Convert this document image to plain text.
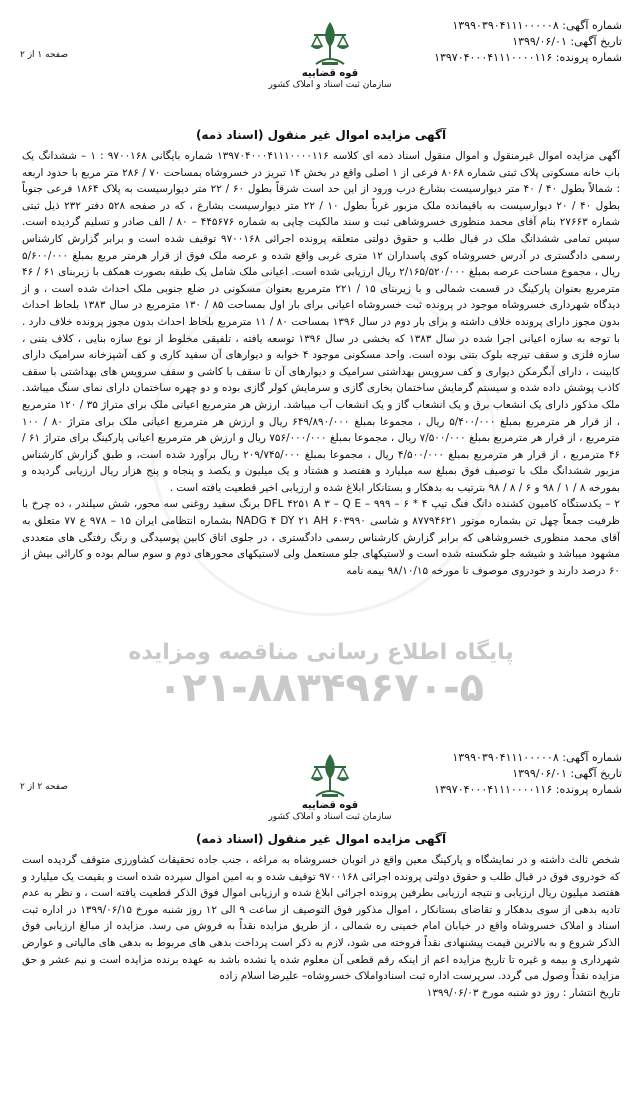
شماره آگهی: ۱۳۹۹۰۳۹۰۴۱۱۱۰۰۰۰۰۸
تاریخ آگهی: ۱۳۹۹/۰۶/۰۱
شماره پرونده: ۱۳۹۷۰۴۰۰۰۴۱۱۱۰۰۰۰۱۱۶
قوه قضاییه
سازمان ثبت اسناد و املاک کشور
صفحه ۱ از ۲
آگهی مزایده اموال غیر منقول (اسناد ذمه)

آگهی مزایده اموال غیرمنقول و اموال منقول اسناد ذمه ای کلاسه ۱۳۹۷۰۴۰۰۰۴۱۱۱۰۰۰۰۱۱۶ شماره بایگانی ۹۷۰۰۱۶۸ : ۱ – ششدانگ یک باب خانه مسکونی پلاک ثبتی شماره ۸۰۶۸ فرعی از ۱ اصلی واقع در بخش ۱۴ تبریز در خسروشاه بمساحت ۷۰ / ۲۸۶ متر مربع با حدود اربعه : شمالاً بطول ۴۰ / ۴۰ متر دیوارسیست بشارع درب ورود از این حد است شرقاً بطول ۶۰ / ۲۲ متر دیوارسیست به پلاک ۱۸۶۴ فرعی جنوباً بطول ۴۰ / ۲۰ دیوارسیست به باقیمانده ملک مزبور غرباً بطول ۱۰ / ۲۲ متر دیوارسیست بشارع ، که در صفحه ۵۲۸ دفتر ۲۳۲ ذیل ثبتی شماره ۲۷۶۶۳ بنام آقای محمد منظوری خسروشاهی ثبت و سند مالکیت چاپی به شماره ۴۴۵۶۷۶ – ۸۰ / الف صادر و تسلیم گردیده است. سپس تمامی ششدانگ ملک در قبال طلب و حقوق دولتی متعلقه پرونده اجرائی ۹۷۰۰۱۶۸ توقیف شده است و برابر گزارش کارشناس رسمی دادگستری در آدرس خسروشاه کوی پاسداران ۱۲ متری غربی واقع شده و عرصه ملک فوق از قرار هرمتر مربع بمبلغ ۵/۶۰۰/۰۰۰ ریال ، مجموع مساحت عرصه بمبلغ ۲/۱۶۵/۵۲۰/۰۰۰ ریال ارزیابی شده است. اعیانی ملک شامل یک طبقه بصورت همکف با زیربنای ۶۱ / ۴۶ مترمربع بعنوان پارکینگ در قسمت شمالی و با زیربنای ۱۵ / ۲۲۱ مترمربع بعنوان مسکونی در ضلع جنوبی ملک احداث شده است ، و از دیدگاه شهرداری خسروشاه موجود در پرونده ثبت خسروشاه اعیانی برای بار اول بمساحت ۸۵ / ۱۳۰ مترمربع در سال ۱۳۸۳ بلحاظ احداث بدون مجوز دارای پرونده خلاف داشته و برای بار دوم در سال ۱۳۹۶ بمساحت ۸۰ / ۱۱ مترمربع بلحاظ احداث بدون مجوز پرونده خلاف دارد . با توجه به سازه اعیانی اجرا شده در سال ۱۳۸۳ که بخشی در سال ۱۳۹۶ توسعه یافته ، تلفیقی مخلوط از نوع سازه بنایی ، کلاف بتنی ، سازه فلزی و سقف تیرچه بلوک بتنی بوده است. واحد مسکونی موجود ۴ خوابه و دیوارهای آن سفید کاری و کف آشپزخانه سرامیک دارای کابینت ، دارای آبگرمکن دیواری و کف سرویس بهداشتی سرامیک و دیوارهای آن تا سقف با کاشی و سقف سرویس های بهداشتی با سقف کاذب پوشش داده شده و سیستم گرمایش ساختمان بخاری گازی و سرمایش کولر گازی بوده و دو چهره ساختمان دارای نمای سنگ میباشد. ملک مذکور دارای یک انشعاب برق و یک انشعاب گاز و یک انشعاب آب میباشد. ارزش هر مترمربع اعیانی ملک برای متراژ ۳۵ / ۱۲۰ مترمربع ، از قرار هر مترمربع بمبلغ ۵/۴۰۰/۰۰۰ ریال ، مجموعا بمبلغ ۶۴۹/۸۹۰/۰۰۰ ریال و ارزش هر مترمربع اعیانی ملک برای متراژ ۸۰ / ۱۰۰ مترمربع ، از قرار هر مترمربع بمبلغ ۷/۵۰۰/۰۰۰ ریال ، مجموعا بمبلغ ۷۵۶/۰۰۰/۰۰۰ ریال و ارزش هر مترمربع اعیانی پارکینگ برای متراژ ۶۱ / ۴۶ مترمربع ، از قرار هر مترمربع بمبلغ ۴/۵۰۰/۰۰۰ ریال ، مجموعا بمبلغ ۲۰۹/۷۴۵/۰۰۰ ریال برآورد شده است، و طبق گزارش کارشناس مزبور ششدانگ ملک با توصیف فوق بمبلغ سه میلیارد و هفتصد و هشتاد و یک میلیون و یکصد و پنجاه و پنج هزار ریال ارزیابی گردیده و بمورخه ۸ / ۱ / ۹۸ و ۶ / ۸ / ۹۸ بترتیب به بدهکار و بستانکار ابلاغ شده و ارزیابی اخیر قطعیت یافته است .

۲ – یکدستگاه کامیون کشنده دانگ فنگ تیپ ۴ * ۶ – ۹۹۹ – DFL ۴۲۵۱ A ۳ – Q E برنگ سفید روغنی سه محور، شش سیلندر ، ده چرخ با ظرفیت جمعاً چهل تن بشماره موتور ۸۷۷۹۴۶۲۱ و شاسی ۶۰۳۹۹۰ NADG ۴ DY ۲۱ AH بشماره انتظامی ایران ۱۵ – ۹۷۸ ع ۷۷ متعلق به آقای محمد منظوری خسروشاهی که برابر گزارش کارشناس رسمی دادگستری ، در جلوی اتاق کابین پوسیدگی و رنگ رفتگی های متعددی مشهود میباشد و شیشه جلو شکسته شده است و لاستیکهای جلو مستعمل ولی لاستیکهای محورهای دوم و سوم سالم بوده و کارائی بیش از ۶۰ درصد دارند و خودروی موصوف تا مورخه ۹۸/۱۰/۱۵ بیمه نامه

پایگاه اطلاع رسانی مناقصه ومزایده
۰۲۱-۸۸۳۴۹۶۷۰-۵
شماره آگهی: ۱۳۹۹۰۳۹۰۴۱۱۱۰۰۰۰۰۸
تاریخ آگهی: ۱۳۹۹/۰۶/۰۱
شماره پرونده: ۱۳۹۷۰۴۰۰۰۴۱۱۱۰۰۰۰۱۱۶
قوه قضاییه
سازمان ثبت اسناد و املاک کشور
صفحه ۲ از ۲
آگهی مزایده اموال غیر منقول (اسناد ذمه)

شخص ثالث داشته و در نمایشگاه و پارکینگ معین واقع در اتوبان خسروشاه به مراغه ، جنب جاده تحقیقات کشاورزی متوقف گردیده است که خودروی فوق در قبال طلب و حقوق دولتی پرونده اجرائی ۹۷۰۰۱۶۸ توقیف شده و به امین اموال سپرده شده است و بقیمت یک میلیارد و هفتصد میلیون ریال ارزیابی و نتیجه ارزیابی بطرفین پرونده اجرائی ابلاغ شده و ارزیابی اموال فوق الذکر قطعیت یافته است ، و نظر به عدم تادیه بدهی از سوی بدهکار و تقاضای بستانکار ، اموال مذکور فوق التوصیف از ساعت ۹ الی ۱۲ روز شنبه مورخ ۱۳۹۹/۰۶/۱۵ در اداره ثبت اسناد و املاک خسروشاه واقع در خیابان امام خمینی ره شمالی ، از طریق مزایده نقداً به فروش می رسد. مزایده از مبالغ ارزیابی فوق الذکر شروع و به بالاترین قیمت پیشنهادی نقداً فروخته می شود، لازم به ذکر است پرداخت بدهی های مربوط به بدهی های مالیاتی و عوارض شهرداری و بیمه و غیره تا تاریخ مزایده اعم از اینکه رقم قطعی آن معلوم شده یا نشده باشد به عهده برنده مزایده است و نیم عشر و حق مزایده نقداً وصول می گردد. سرپرست اداره ثبت اسنادواملاک خسروشاه– علیرضا اسلام زاده

تاریخ انتشار : روز دو شنبه مورخ ۱۳۹۹/۰۶/۰۳
